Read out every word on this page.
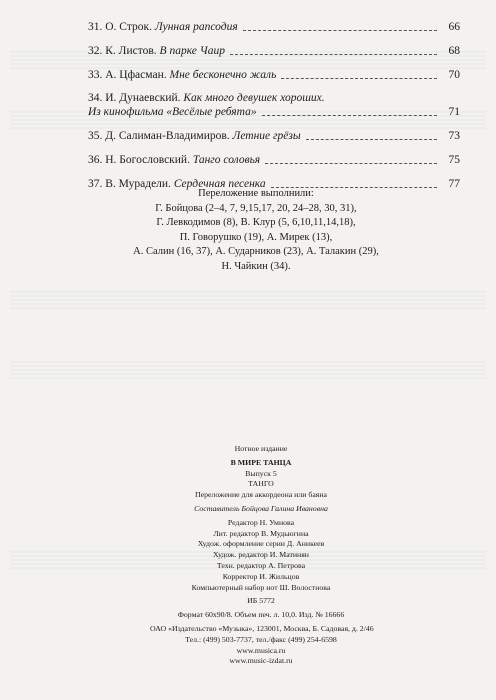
31. О. Строк. Лунная рапсодия	66
32. К. Листов. В парке Чаир	68
33. А. Цфасман. Мне бесконечно жаль	70
34. И. Дунаевский. Как много девушек хороших.
Из кинофильма «Весёлые ребята»	71
35. Д. Салиман-Владимиров. Летние грёзы	73
36. Н. Богословский. Танго соловья	75
37. В. Мурадели. Сердечная песенка	77
Переложение выполнили:
Г. Бойцова (2–4, 7, 9,15,17, 20, 24–28, 30, 31),
Г. Левкодимов (8), В. Клур (5, 6,10,11,14,18),
П. Говорушко (19), А. Мирек (13),
А. Салин (16, 37), А. Сударников (23), А. Талакин (29),
Н. Чайкин (34).
Нотное издание
В МИРЕ ТАНЦА
Выпуск 5
ТАНГО
Переложение для аккордеона или баяна
Составитель Бойцова Галина Ивановна
Редактор Н. Умнова
Лит. редактор В. Мудьюгина
Худож. оформление серии Д. Аникеев
Худож. редактор И. Матинян
Техн. редактор А. Петрова
Корректор И. Жильцов
Компьютерный набор нот Ш. Волостнова
ИБ 5772
Формат 60x90/8. Объем печ. л. 10,0. Изд. № 16666
ОАО «Издательство «Музыка», 123001, Москва, Б. Садовая, д. 2/46
Тел.: (499) 503-7737, тел./факс (499) 254-6598
www.musica.ru
www.music-izdat.ru
